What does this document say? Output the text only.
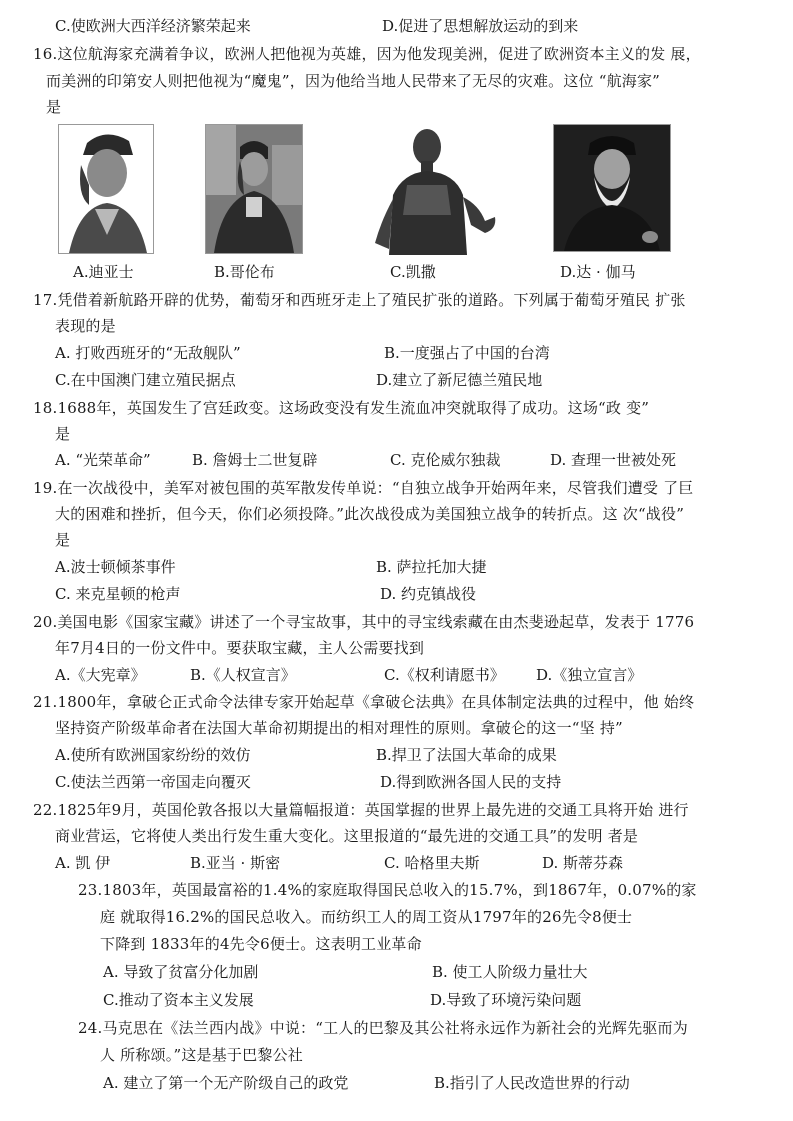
C.使欧洲大西洋经济繁荣起来	D.促进了思想解放运动的到来
16.这位航海家充满着争议，欧洲人把他视为英雄，因为他发现美洲，促进了欧洲资本主义的发 展，
而美洲的印第安人则把他视为“魔鬼”，因为他给当地人民带来了无尽的灾难。这位 “航海家”
是
A.迪亚士	B.哥伦布	C.凯撒	D.达 · 伽马
17.凭借着新航路开辟的优势，葡萄牙和西班牙走上了殖民扩张的道路。下列属于葡萄牙殖民 扩张
表现的是
A. 打败西班牙的“无敌舰队”	B.一度强占了中国的台湾
C.在中国澳门建立殖民据点	D.建立了新尼德兰殖民地
18.1688年，英国发生了宫廷政变。这场政变没有发生流血冲突就取得了成功。这场“政 变”
是
A. “光荣革命”	B. 詹姆士二世复辟	C. 克伦威尔独裁	D. 查理一世被处死
19.在一次战役中，美军对被包围的英军散发传单说：“自独立战争开始两年来，尽管我们遭受 了巨
大的困难和挫折，但今天，你们必须投降。”此次战役成为美国独立战争的转折点。这 次“战役”
是
A.波士顿倾茶事件	B. 萨拉托加大捷
C. 来克星顿的枪声	D. 约克镇战役
20.美国电影《国家宝藏》讲述了一个寻宝故事，其中的寻宝线索藏在由杰斐逊起草，发表于 1776
年7月4日的一份文件中。要获取宝藏，主人公需要找到
A.《大宪章》	B.《人权宣言》	C.《权利请愿书》 D.《独立宣言》
21.1800年，拿破仑正式命令法律专家开始起草《拿破仑法典》在具体制定法典的过程中，他 始终
坚持资产阶级革命者在法国大革命初期提出的相对理性的原则。拿破仑的这一“坚 持”
A.使所有欧洲国家纷纷的效仿	B.捍卫了法国大革命的成果
C.使法兰西第一帝国走向覆灭	D.得到欧洲各国人民的支持
22.1825年9月，英国伦敦各报以大量篇幅报道：英国掌握的世界上最先进的交通工具将开始 进行
商业营运，它将使人类出行发生重大变化。这里报道的“最先进的交通工具”的发明 者是
A. 凯 伊	B.亚当 · 斯密	C. 哈格里夫斯	D. 斯蒂芬森
23.1803年，英国最富裕的1.4%的家庭取得国民总收入的15.7%，到1867年，0.07%的家
庭 就取得16.2%的国民总收入。而纺织工人的周工资从1797年的26先令8便士
下降到 1833年的4先令6便士。这表明工业革命
A. 导致了贫富分化加剧	B. 使工人阶级力量壮大
C.推动了资本主义发展	D.导致了环境污染问题
24.马克思在《法兰西内战》中说：“工人的巴黎及其公社将永远作为新社会的光辉先驱而为
人 所称颂。”这是基于巴黎公社
A. 建立了第一个无产阶级自己的政党	B.指引了人民改造世界的行动
